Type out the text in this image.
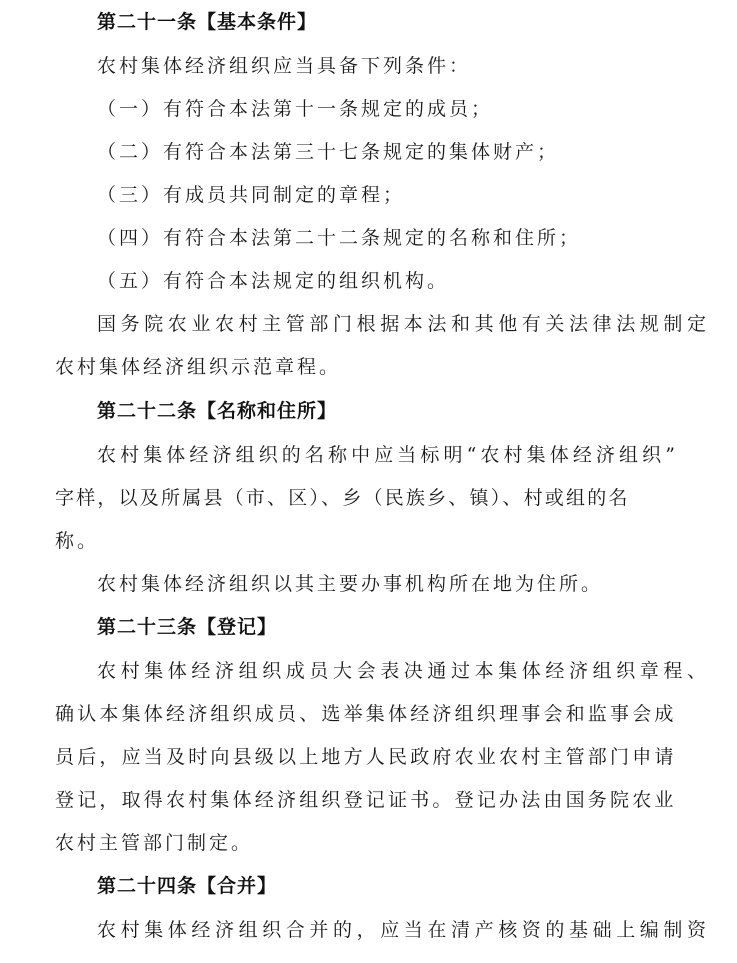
第二十一条【基本条件】
农村集体经济组织应当具备下列条件：
（一）有符合本法第十一条规定的成员；
（二）有符合本法第三十七条规定的集体财产；
（三）有成员共同制定的章程；
（四）有符合本法第二十二条规定的名称和住所；
（五）有符合本法规定的组织机构。
国务院农业农村主管部门根据本法和其他有关法律法规制定
农村集体经济组织示范章程。
第二十二条【名称和住所】
农村集体经济组织的名称中应当标明“农村集体经济组织”
字样，以及所属县（市、区）、乡（民族乡、镇）、村或组的名
称。
农村集体经济组织以其主要办事机构所在地为住所。
第二十三条【登记】
农村集体经济组织成员大会表决通过本集体经济组织章程、
确认本集体经济组织成员、选举集体经济组织理事会和监事会成
员后，应当及时向县级以上地方人民政府农业农村主管部门申请
登记，取得农村集体经济组织登记证书。登记办法由国务院农业
农村主管部门制定。
第二十四条【合并】
农村集体经济组织合并的，应当在清产核资的基础上编制资
